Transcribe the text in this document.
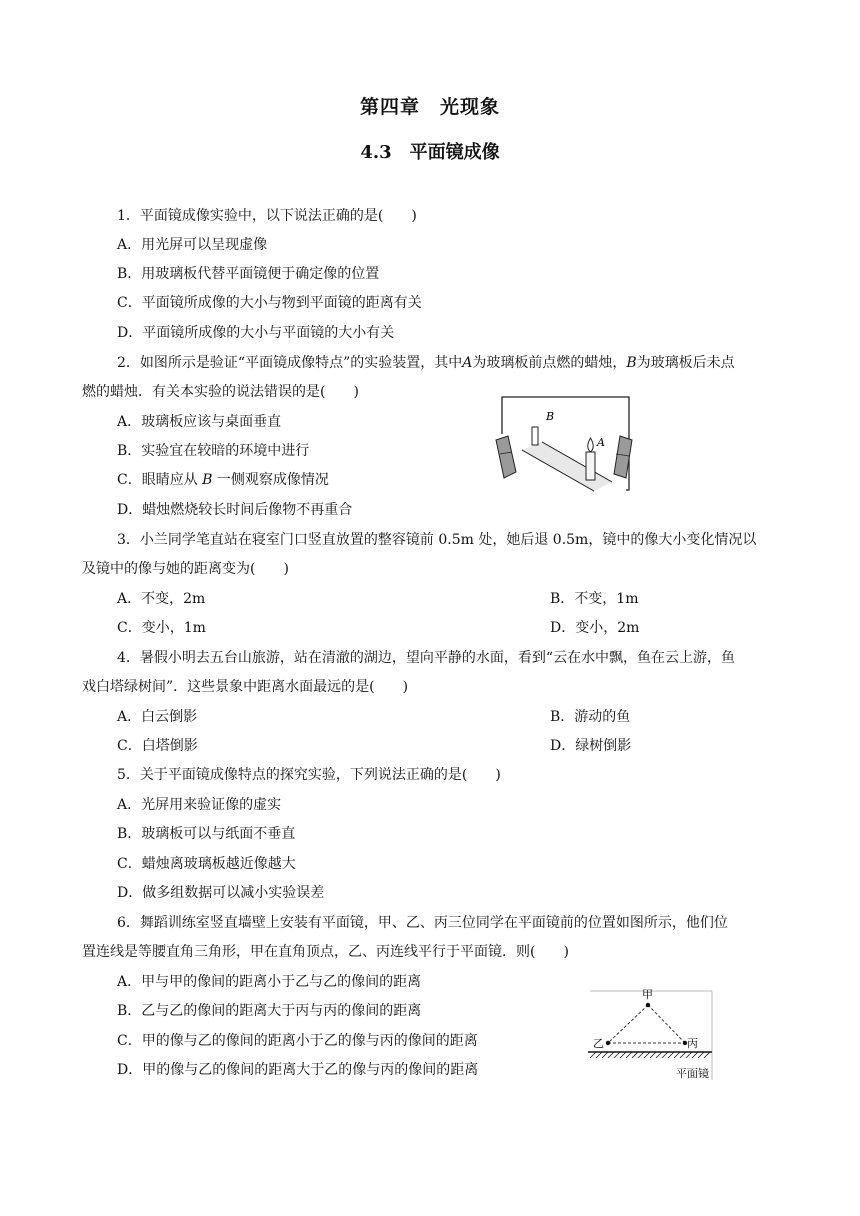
第四章　光现象
4.3　平面镜成像
1．平面镜成像实验中，以下说法正确的是(　　)
A．用光屏可以呈现虚像
B．用玻璃板代替平面镜便于确定像的位置
C．平面镜所成像的大小与物到平面镜的距离有关
D．平面镜所成像的大小与平面镜的大小有关
2．如图所示是验证“平面镜成像特点”的实验装置，其中A为玻璃板前点燃的蜡烛，B为玻璃板后未点
燃的蜡烛．有关本实验的说法错误的是(　　)
A．玻璃板应该与桌面垂直
B．实验宜在较暗的环境中进行
C．眼睛应从 B 一侧观察成像情况
D．蜡烛燃烧较长时间后像物不再重合
B
A
3．小兰同学笔直站在寝室门口竖直放置的整容镜前 0.5m 处，她后退 0.5m，镜中的像大小变化情况以
及镜中的像与她的距离变为(　　)
A．不变，2m	B．不变，1m
C．变小，1m	D．变小，2m
4．暑假小明去五台山旅游，站在清澈的湖边，望向平静的水面，看到“云在水中飘，鱼在云上游，鱼
戏白塔绿树间”．这些景象中距离水面最远的是(　　)
A．白云倒影	B．游动的鱼
C．白塔倒影	D．绿树倒影
5．关于平面镜成像特点的探究实验，下列说法正确的是(　　)
A．光屏用来验证像的虚实
B．玻璃板可以与纸面不垂直
C．蜡烛离玻璃板越近像越大
D．做多组数据可以减小实验误差
6．舞蹈训练室竖直墙壁上安装有平面镜，甲、乙、丙三位同学在平面镜前的位置如图所示，他们位
置连线是等腰直角三角形，甲在直角顶点，乙、丙连线平行于平面镜．则(　　)
A．甲与甲的像间的距离小于乙与乙的像间的距离
B．乙与乙的像间的距离大于丙与丙的像间的距离
C．甲的像与乙的像间的距离小于乙的像与丙的像间的距离
D．甲的像与乙的像间的距离大于乙的像与丙的像间的距离
甲
乙	丙
平面镜
